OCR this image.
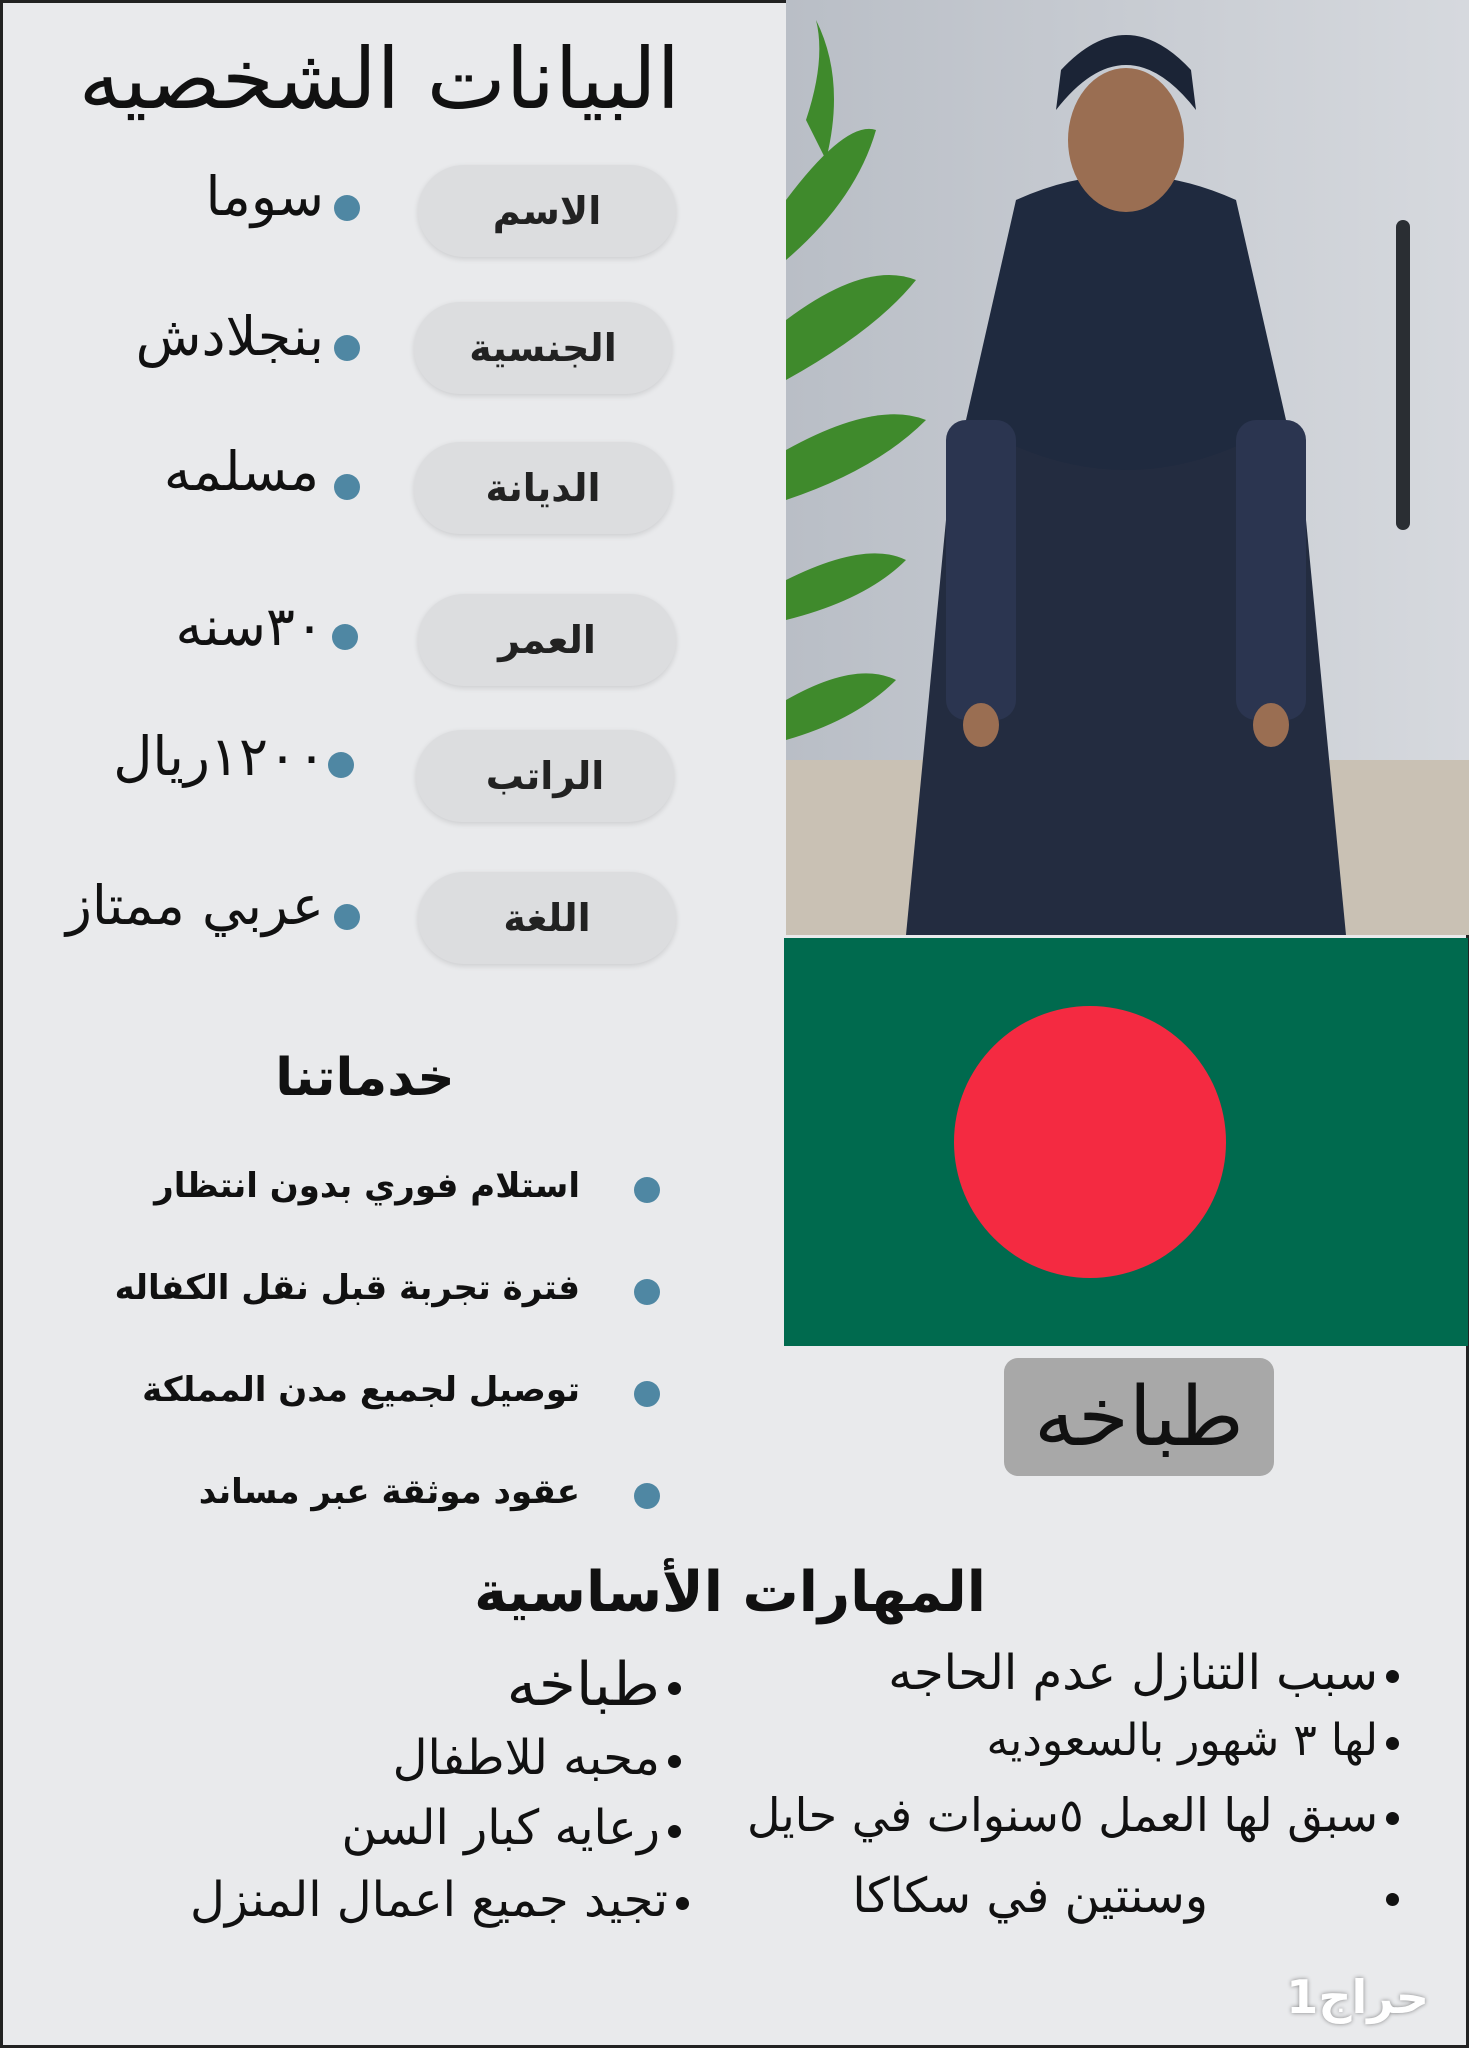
البيانات الشخصيه
الاسم
سوما
الجنسية
بنجلادش
الديانة
مسلمه
العمر
٣٠سنه
الراتب
١٢٠٠ريال
اللغة
عربي ممتاز
خدماتنا
استلام فوري بدون انتظار
فترة تجربة قبل نقل الكفاله
توصيل لجميع مدن المملكة
عقود موثقة عبر مساند
طباخه
المهارات الأساسية
طباخه
محبه للاطفال
رعايه كبار السن
تجيد جميع اعمال المنزل
سبب التنازل عدم الحاجه
لها ٣ شهور بالسعوديه
سبق لها العمل ٥سنوات في حايل
وسنتين في سكاكا
حراج1
